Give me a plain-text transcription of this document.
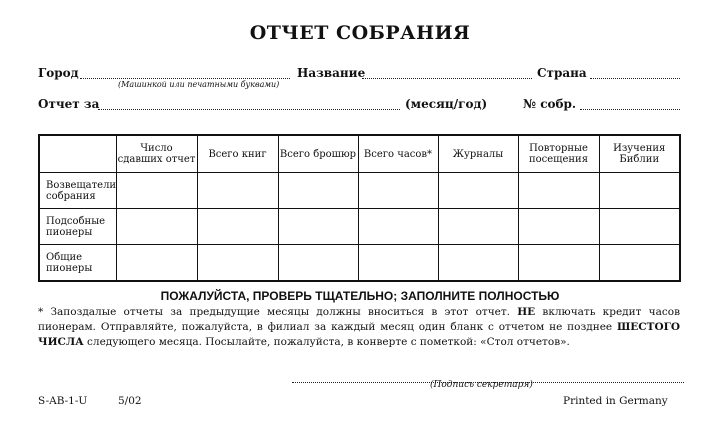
ОТЧЕТ СОБРАНИЯ
Город
(Машинкой или печатными буквами)
Название	Страна
Отчет за	(месяц/год)	№ собр.
	Число сдавших отчет	Всего книг	Всего брошюр	Всего часов*	Журналы	Повторные посещения	Изучения Библии
Возвещатели собрания							
Подсобные пионеры							
Общие пионеры							
ПОЖАЛУЙСТА, ПРОВЕРЬ ТЩАТЕЛЬНО; ЗАПОЛНИТЕ ПОЛНОСТЬЮ
* Запоздалые отчеты за предыдущие месяцы должны вноситься в этот отчет. НЕ включать кредит часов пионерам. Отправляйте, пожалуйста, в филиал за каждый месяц один бланк с отчетом не позднее ШЕСТОГО ЧИСЛА следующего месяца. Посылайте, пожалуйста, в конверте с пометкой: «Стол отчетов».
(Подпись секретаря)
S-AB-1-U	5/02	Printed in Germany
